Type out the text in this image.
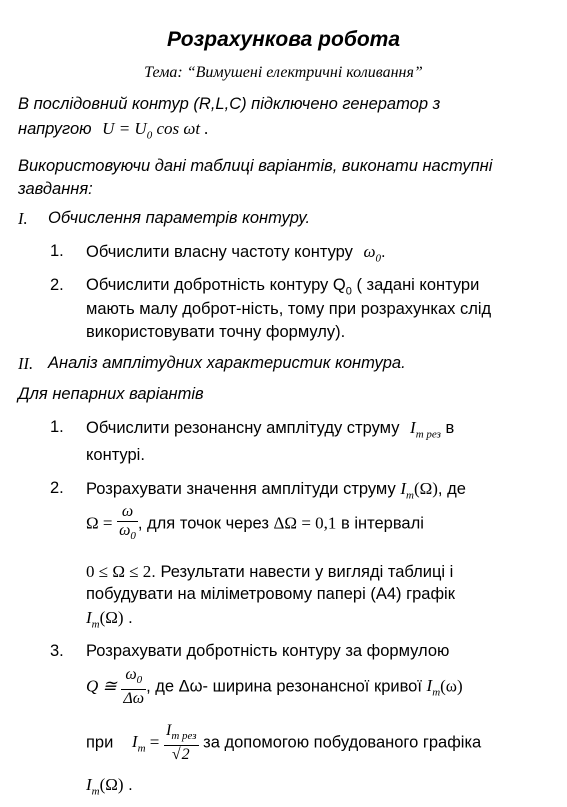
Розрахункова робота
Тема: “Вимушені електричні коливання”
В послідовний контур (R,L,C) підключено генератор з
напругою $U = U_0$ cos ωt .
Використовуючи дані таблиці варіантів, виконати наступні
завдання:
I. Обчислення параметрів контуру.
1. Обчислити власну частоту контуру $\omega_0$.
2. Обчислити добротність контуру $Q_0$ ( задані контури
мають малу доброт-ність, тому при розрахунках слід
використовувати точну формулу).
II. Аналіз амплітудних характеристик контура.
Для непарних варіантів
1. Обчислити резонансну амплітуду струму $I_{m рез}$ в
контурі.
2. Розрахувати значення амплітуди струму $I_m(\Omega)$, де
$\Omega = \frac{\omega}{\omega_0}$ , для точок через ΔΩ = 0,1 в інтервалі
0 ≤ Ω ≤ 2. Результати навести у вигляді таблиці і
побудувати на міліметровому папері (А4) графік
$I_m(\Omega)$ .
3. Розрахувати добротність контуру за формулою
Q ≅ $\frac{\omega_0}{\Delta\omega}$ , де Δω- ширина резонансної кривої $I_m(\omega)$
при $I_m = \frac{I_{m рез}}{√2}$ за допомогою побудованого графіка
$I_m(\Omega)$ .
